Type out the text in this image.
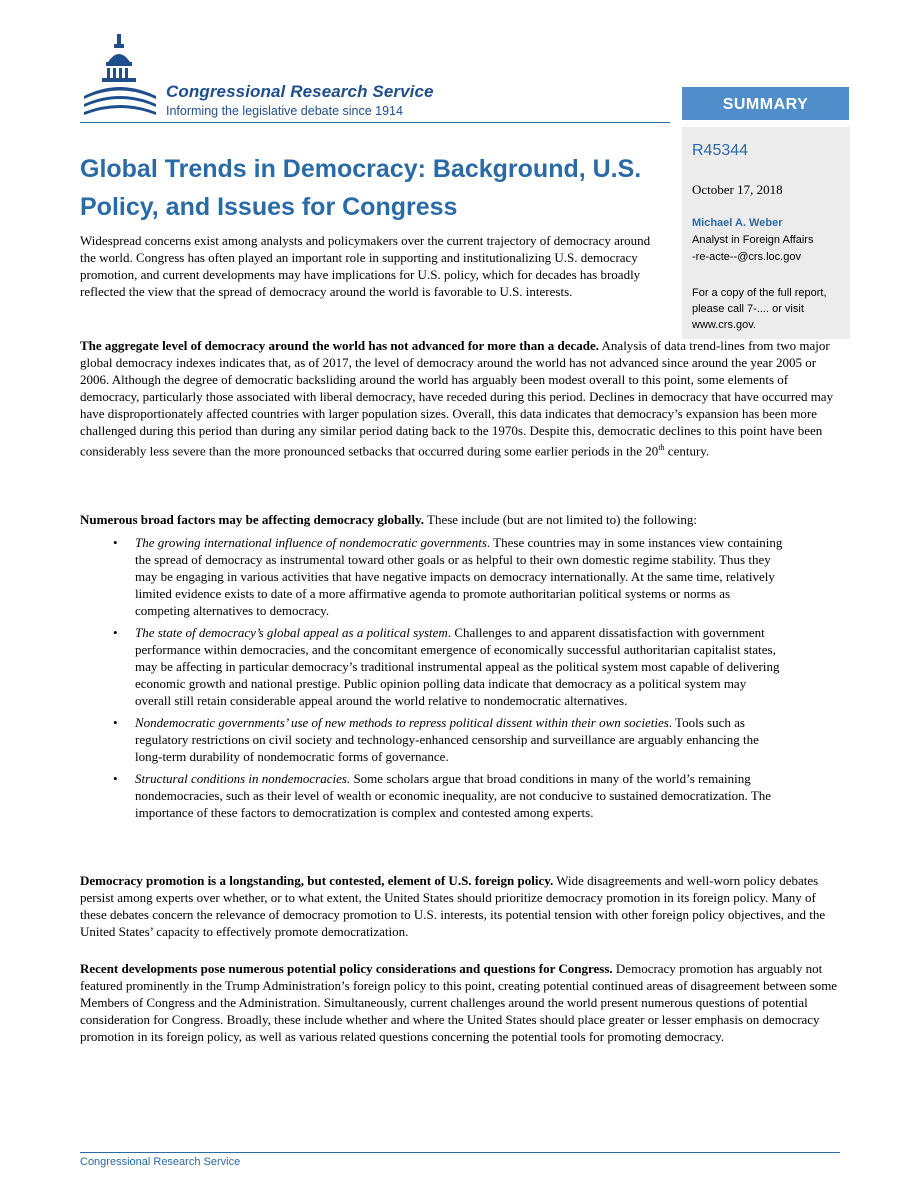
Congressional Research Service
Informing the legislative debate since 1914	SUMMARY
R45344
October 17, 2018
Michael A. Weber
Analyst in Foreign Affairs
-re-acte--@crs.loc.gov
For a copy of the full report, please call 7-.... or visit www.crs.gov.
Global Trends in Democracy: Background, U.S. Policy, and Issues for Congress

Widespread concerns exist among analysts and policymakers over the current trajectory of democracy around the world. Congress has often played an important role in supporting and institutionalizing U.S. democracy promotion, and current developments may have implications for U.S. policy, which for decades has broadly reflected the view that the spread of democracy around the world is favorable to U.S. interests.

The aggregate level of democracy around the world has not advanced for more than a decade. Analysis of data trend-lines from two major global democracy indexes indicates that, as of 2017, the level of democracy around the world has not advanced since around the year 2005 or 2006. Although the degree of democratic backsliding around the world has arguably been modest overall to this point, some elements of democracy, particularly those associated with liberal democracy, have receded during this period. Declines in democracy that have occurred may have disproportionately affected countries with larger population sizes. Overall, this data indicates that democracy’s expansion has been more challenged during this period than during any similar period dating back to the 1970s. Despite this, democratic declines to this point have been considerably less severe than the more pronounced setbacks that occurred during some earlier periods in the 20th century.

Numerous broad factors may be affecting democracy globally. These include (but are not limited to) the following:

• The growing international influence of nondemocratic governments. These countries may in some instances view containing the spread of democracy as instrumental toward other goals or as helpful to their own domestic regime stability. Thus they may be engaging in various activities that have negative impacts on democracy internationally. At the same time, relatively limited evidence exists to date of a more affirmative agenda to promote authoritarian political systems or norms as competing alternatives to democracy.
• The state of democracy’s global appeal as a political system. Challenges to and apparent dissatisfaction with government performance within democracies, and the concomitant emergence of economically successful authoritarian capitalist states, may be affecting in particular democracy’s traditional instrumental appeal as the political system most capable of delivering economic growth and national prestige. Public opinion polling data indicate that democracy as a political system may overall still retain considerable appeal around the world relative to nondemocratic alternatives.
• Nondemocratic governments’ use of new methods to repress political dissent within their own societies. Tools such as regulatory restrictions on civil society and technology-enhanced censorship and surveillance are arguably enhancing the long-term durability of nondemocratic forms of governance.
• Structural conditions in nondemocracies. Some scholars argue that broad conditions in many of the world’s remaining nondemocracies, such as their level of wealth or economic inequality, are not conducive to sustained democratization. The importance of these factors to democratization is complex and contested among experts.

Democracy promotion is a longstanding, but contested, element of U.S. foreign policy. Wide disagreements and well-worn policy debates persist among experts over whether, or to what extent, the United States should prioritize democracy promotion in its foreign policy. Many of these debates concern the relevance of democracy promotion to U.S. interests, its potential tension with other foreign policy objectives, and the United States’ capacity to effectively promote democratization.

Recent developments pose numerous potential policy considerations and questions for Congress. Democracy promotion has arguably not featured prominently in the Trump Administration’s foreign policy to this point, creating potential continued areas of disagreement between some Members of Congress and the Administration. Simultaneously, current challenges around the world present numerous questions of potential consideration for Congress. Broadly, these include whether and where the United States should place greater or lesser emphasis on democracy promotion in its foreign policy, as well as various related questions concerning the potential tools for promoting democracy.

Congressional Research Service
